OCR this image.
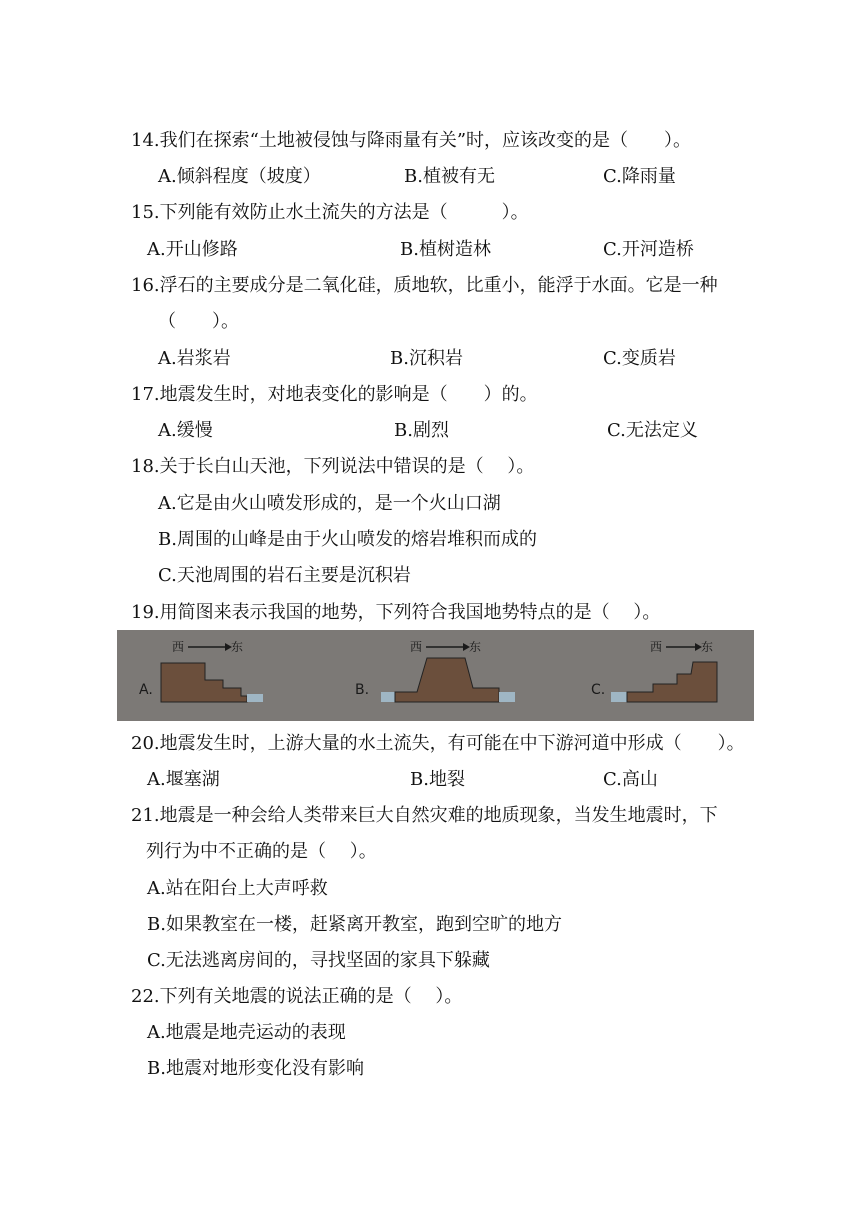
14.我们在探索“土地被侵蚀与降雨量有关”时，应该改变的是（　　）。
A.倾斜程度（坡度）	B.植被有无	C.降雨量
15.下列能有效防止水土流失的方法是（　　　）。
A.开山修路	B.植树造林	C.开河造桥
16.浮石的主要成分是二氧化硅，质地软，比重小，能浮于水面。它是一种
（　　）。
A.岩浆岩	B.沉积岩	C.变质岩
17.地震发生时，对地表变化的影响是（　　）的。
A.缓慢	B.剧烈	C.无法定义
18.关于长白山天池，下列说法中错误的是（　 ）。
A.它是由火山喷发形成的，是一个火山口湖
B.周围的山峰是由于火山喷发的熔岩堆积而成的
C.天池周围的岩石主要是沉积岩
19.用简图来表示我国的地势，下列符合我国地势特点的是（　 ）。
西	东
A.
西	东
B.
西	东
C.
20.地震发生时，上游大量的水土流失，有可能在中下游河道中形成（　　）。
A.堰塞湖	B.地裂	C.高山
21.地震是一种会给人类带来巨大自然灾难的地质现象，当发生地震时，下
列行为中不正确的是（　 ）。
A.站在阳台上大声呼救
B.如果教室在一楼，赶紧离开教室，跑到空旷的地方
C.无法逃离房间的，寻找坚固的家具下躲藏
22.下列有关地震的说法正确的是（　 ）。
A.地震是地壳运动的表现
B.地震对地形变化没有影响
